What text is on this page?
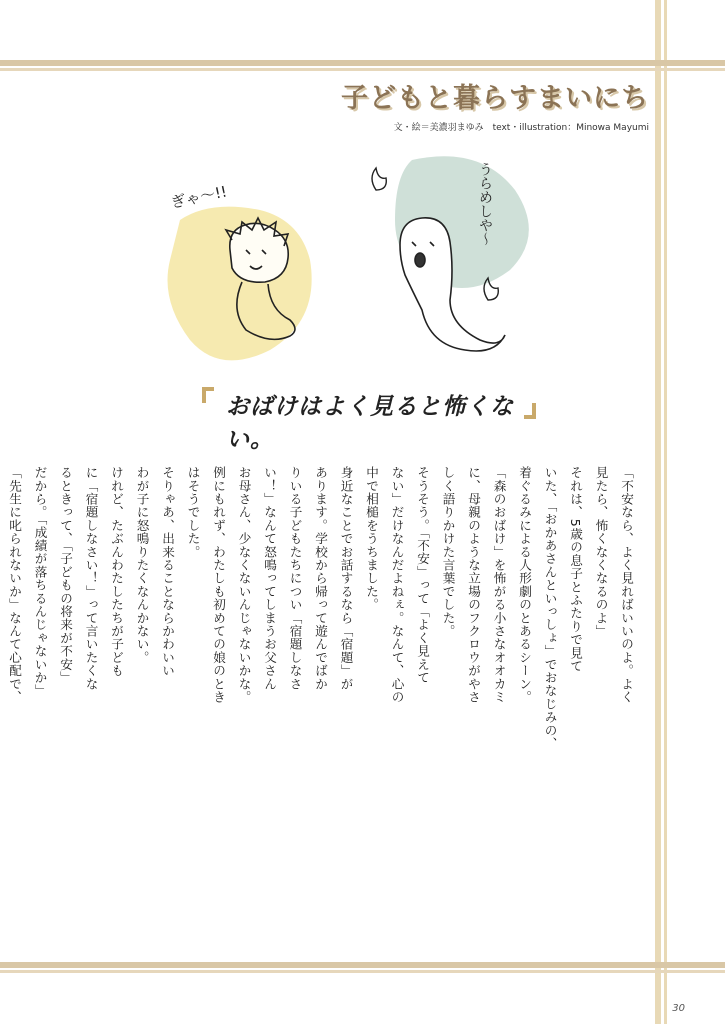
子どもと暮らすまいにち
文・絵＝美濃羽まゆみ　text・illustration：Minowa Mayumi
ぎゃ〜!!	うらめしや〜
おばけはよく見ると怖くない。
「不安なら、よく見ればいいのよ。よく
見たら、怖くなくなるのよ」
それは、5歳の息子とふたりで見て
いた、「おかあさんといっしょ」でおなじみの、
着ぐるみによる人形劇のとあるシーン。
「森のおばけ」を怖がる小さなオオカミ
に、母親のような立場のフクロウがやさ
しく語りかけた言葉でした。
そうそう。「不安」って「よく見えて
ない」だけなんだよねぇ。なんて、心の
中で相槌をうちました。
身近なことでお話するなら「宿題」が
あります。学校から帰って遊んでばか
りいる子どもたちについ「宿題しなさ
い！」なんて怒鳴ってしまうお父さん
お母さん、少なくないんじゃないかな。
例にもれず、わたしも初めての娘のとき
はそうでした。
そりゃあ、出来ることならかわいい
わが子に怒鳴りたくなんかない。
けれど、たぶんわたしたちが子ども
に「宿題しなさい！」って言いたくな
るときって、「子どもの将来が不安」
だから。「成績が落ちるんじゃないか」
「先生に叱られないか」なんて心配で、
30
